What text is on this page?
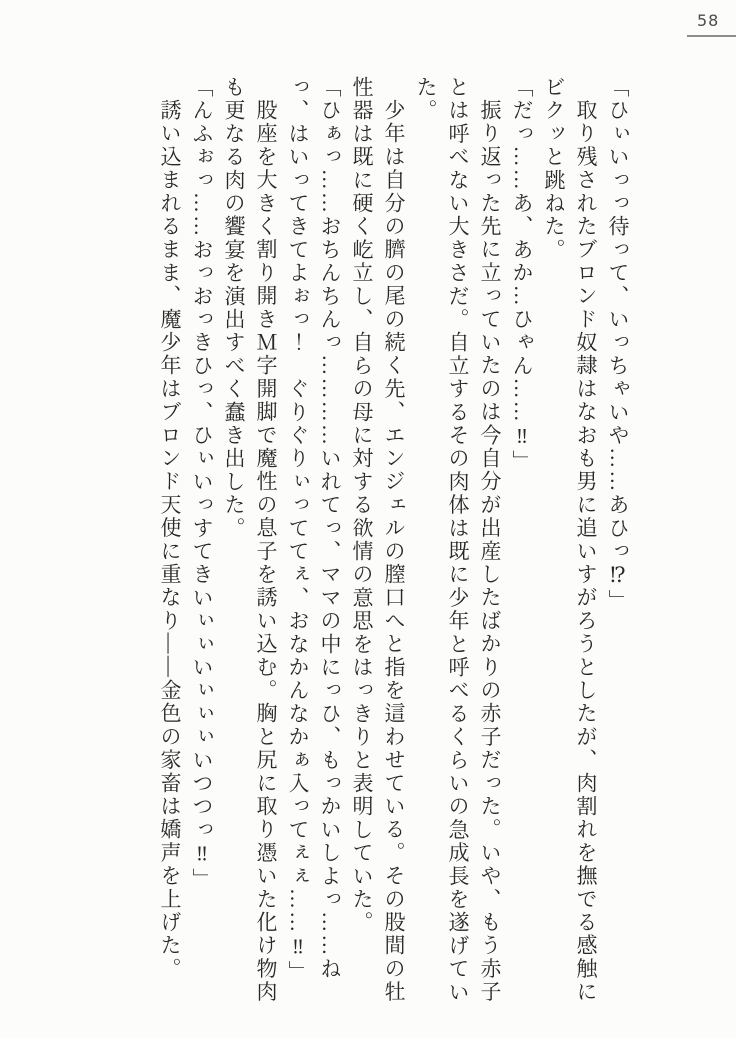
58

「ひぃいっっ待って、いっちゃいや……あひっ⁉」

取り残されたブロンド奴隷はなおも男に追いすがろうとしたが、肉割れを撫でる感触にビクッと跳ねた。

「だっ……あ、あか…ひゃん……‼」

振り返った先に立っていたのは今自分が出産したばかりの赤子だった。いや、もう赤子とは呼べない大きさだ。自立するその肉体は既に少年と呼べるくらいの急成長を遂げていた。

少年は自分の臍の尾の続く先、エンジェルの膣口へと指を這わせている。その股間の牡性器は既に硬く屹立し、自らの母に対する欲情の意思をはっきりと表明していた。

「ひぁっ……おちんちんっ…………いれてっ、ママの中にっひ、もっかいしよっ……ねっ、はいってきてよぉっ！　ぐりぐりぃっててぇ、おなかんなかぁ入ってぇぇ……‼」

股座を大きく割り開きＭ字開脚で魔性の息子を誘い込む。胸と尻に取り憑いた化け物肉も更なる肉の饗宴を演出すべく蠢き出した。

「んふぉっ……おっおっきひっ、ひぃいっすてきいぃぃいぃぃぃいつつっ‼」

誘い込まれるまま、魔少年はブロンド天使に重なり――金色の家畜は嬌声を上げた。
